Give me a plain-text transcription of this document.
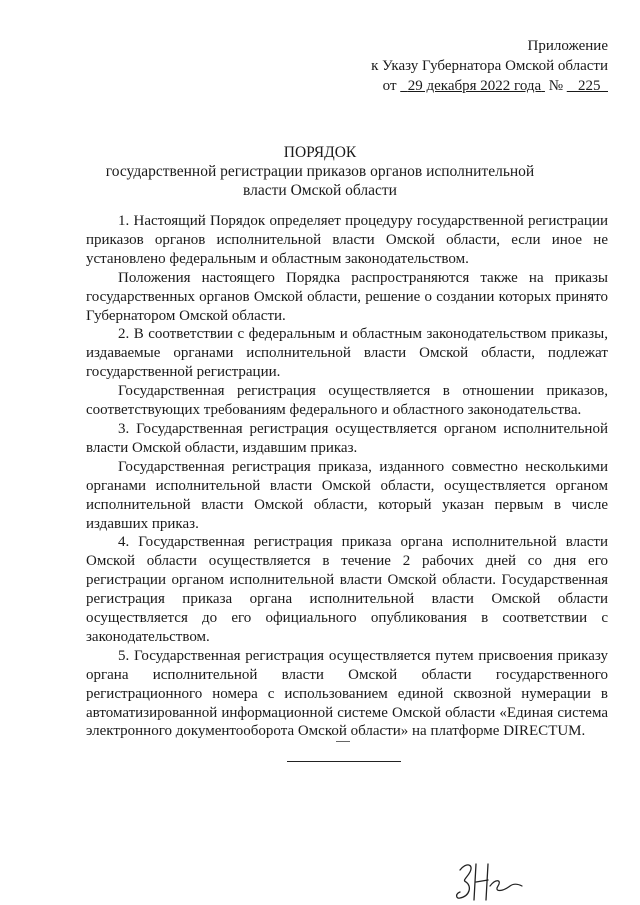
Приложение
к Указу Губернатора Омской области
от   29 декабря 2022 года  №    225
ПОРЯДОК
государственной регистрации приказов органов исполнительной власти Омской области

1. Настоящий Порядок определяет процедуру государственной регистрации приказов органов исполнительной власти Омской области, если иное не установлено федеральным и областным законодательством.

Положения настоящего Порядка распространяются также на приказы государственных органов Омской области, решение о создании которых принято Губернатором Омской области.

2. В соответствии с федеральным и областным законодательством приказы, издаваемые органами исполнительной власти Омской области, подлежат государственной регистрации.

Государственная регистрация осуществляется в отношении приказов, соответствующих требованиям федерального и областного законодательства.

3. Государственная регистрация осуществляется органом исполнительной власти Омской области, издавшим приказ.

Государственная регистрация приказа, изданного совместно несколькими органами исполнительной власти Омской области, осуществляется органом исполнительной власти Омской области, который указан первым в числе издавших приказ.

4. Государственная регистрация приказа органа исполнительной власти Омской области осуществляется в течение 2 рабочих дней со дня его регистрации органом исполнительной власти Омской области. Государственная регистрация приказа органа исполнительной власти Омской области осуществляется до его официального опубликования в соответствии с законодательством.

5. Государственная регистрация осуществляется путем присвоения приказу органа исполнительной власти Омской области государственного регистрационного номера с использованием единой сквозной нумерации в автоматизированной информационной системе Омской области «Единая система электронного документооборота Омской области» на платформе DIRECTUM.
